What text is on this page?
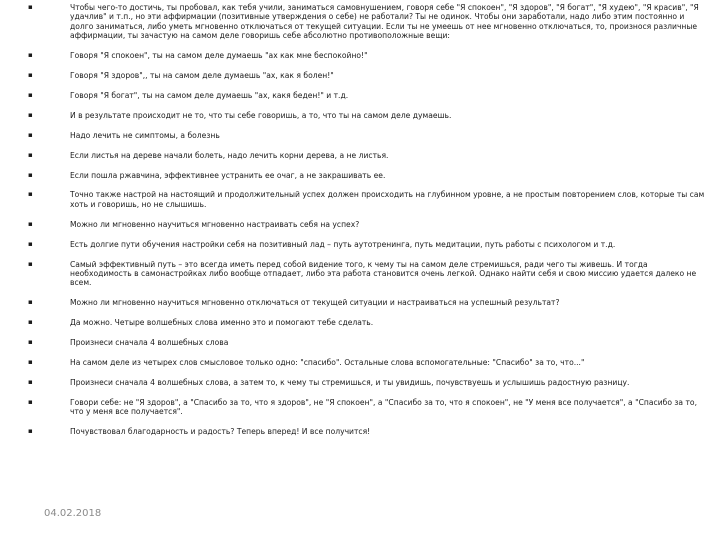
▪	Чтобы чего-то достичь, ты пробовал, как тебя учили, заниматься самовнушением, говоря себе "Я спокоен", "Я здоров", "Я богат", "Я худею", "Я красив", "Я удачлив" и т.п., но эти аффирмации (позитивные утверждения о себе) не работали? Ты не одинок. Чтобы они заработали, надо либо этим постоянно и долго заниматься, либо уметь мгновенно отключаться от текущей ситуации. Если ты не умеешь от нее мгновенно отключаться, то, произнося различные аффирмации, ты зачастую на самом деле говоришь себе абсолютно противоположные вещи:
▪	Говоря "Я спокоен", ты на самом деле думаешь "ах как мне беспокойно!"
▪	Говоря "Я здоров",, ты на самом деле думаешь "ах, как я болен!"
▪	Говоря "Я богат", ты на самом деле думаешь "ах, какя беден!" и т.д.
▪	И в результате происходит не то, что ты себе говоришь, а то, что ты на самом деле думаешь.
▪	Надо лечить не симптомы, а болезнь
▪	Если листья на дереве начали болеть, надо лечить корни дерева, а не листья.
▪	Если пошла ржавчина, эффективнее устранить ее очаг, а не закрашивать ее.
▪	Точно также настрой на настоящий и продолжительный успех должен происходить на глубинном уровне, а не простым повторением слов, которые ты сам хоть и говоришь, но не слышишь.
▪	Можно ли мгновенно научиться мгновенно настраивать себя на успех?
▪	Есть долгие пути обучения настройки себя на позитивный лад – путь аутотренинга, путь медитации, путь работы с психологом и т.д.
▪	Самый эффективный путь – это всегда иметь перед собой видение того, к чему ты на самом деле стремишься, ради чего ты живешь. И тогда необходимость в самонастройках либо вообще отпадает, либо эта работа становится очень легкой. Однако найти себя и свою миссию удается далеко не всем.
▪	Можно ли мгновенно научиться мгновенно отключаться от текущей ситуации и настраиваться на успешный результат?
▪	Да можно. Четыре волшебных слова именно это и помогают тебе сделать.
▪	Произнеси сначала 4 волшебных слова
▪	На самом деле из четырех слов смысловое только одно: "спасибо". Остальные слова вспомогательные: "Спасибо" за то, что..."
▪	Произнеси сначала 4 волшебных слова, а затем то, к чему ты стремишься, и ты увидишь, почувствуешь и услышишь радостную разницу.
▪	Говори себе: не "Я здоров", а "Спасибо за то, что я здоров", не "Я спокоен", а "Спасибо за то, что я спокоен", не "У меня все получается", а "Спасибо за то, что у меня все получается".
▪	Почувствовал благодарность и радость? Теперь вперед! И все получится!
04.02.2018
